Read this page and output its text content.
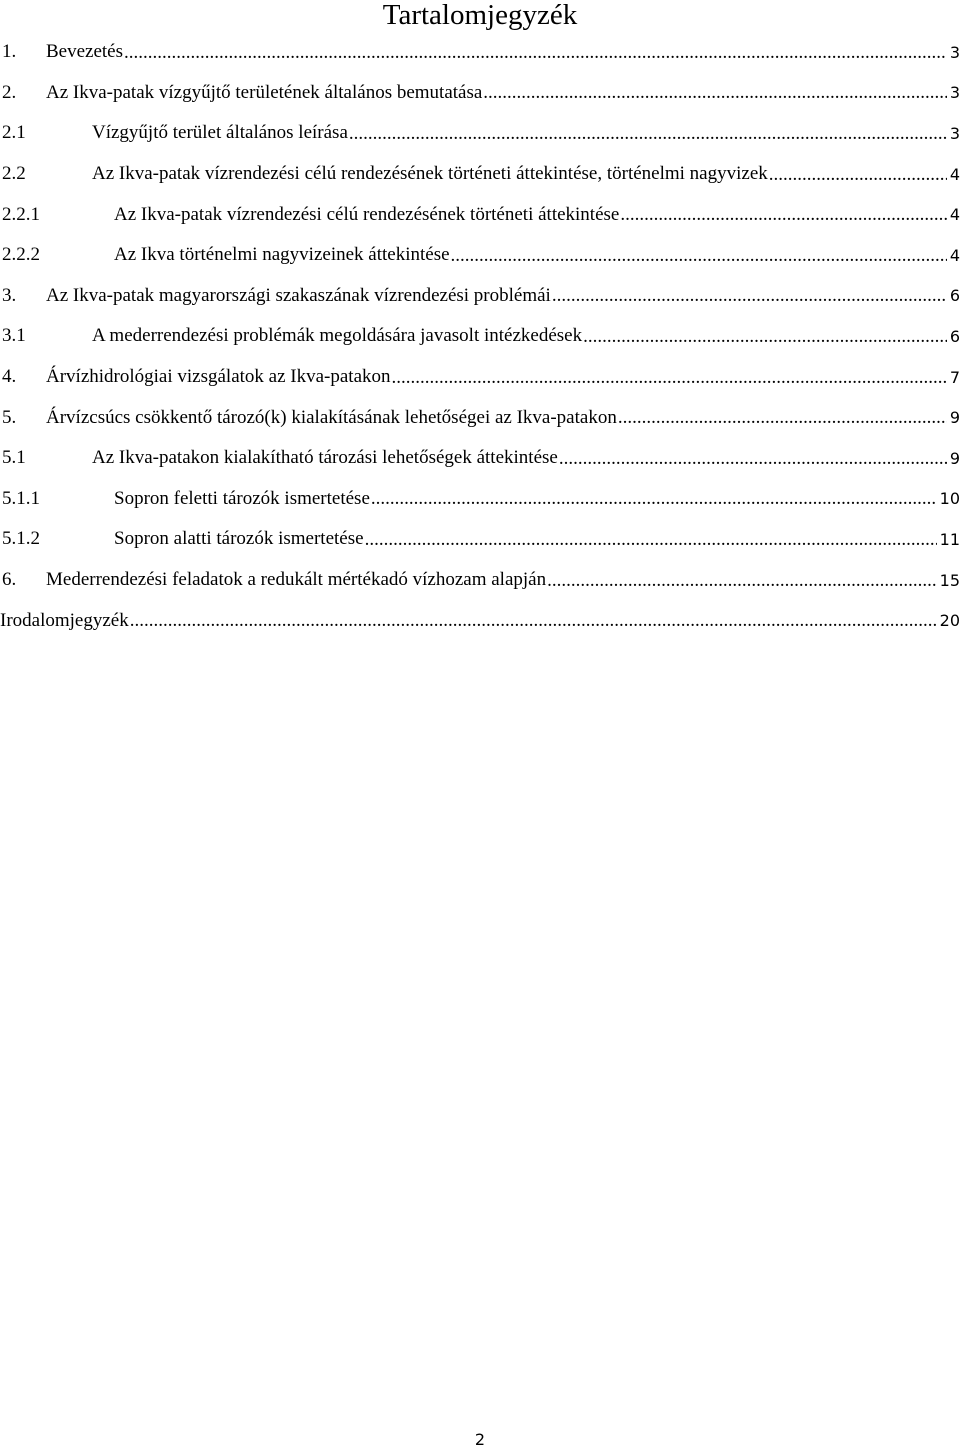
Tartalomjegyzék
1.	Bevezetés .....	3
2.	Az Ikva-patak vízgyűjtő területének általános bemutatása .....	3
2.1	Vízgyűjtő terület általános leírása .....	3
2.2	Az Ikva-patak vízrendezési célú rendezésének történeti áttekintése, történelmi nagyvizek .....	4
2.2.1	Az Ikva-patak vízrendezési célú rendezésének történeti áttekintése .....	4
2.2.2	Az Ikva történelmi nagyvizeinek áttekintése .....	4
3.	Az Ikva-patak magyarországi szakaszának vízrendezési problémái .....	6
3.1	A mederrendezési problémák megoldására javasolt intézkedések .....	6
4.	Árvízhidrológiai vizsgálatok az Ikva-patakon .....	7
5.	Árvízcsúcs csökkentő tározó(k) kialakításának lehetőségei az Ikva-patakon .....	9
5.1	Az Ikva-patakon kialakítható tározási lehetőségek áttekintése .....	9
5.1.1	Sopron feletti tározók ismertetése .....	10
5.1.2	Sopron alatti tározók ismertetése .....	11
6.	Mederrendezési feladatok a redukált mértékadó vízhozam alapján .....	15
Irodalomjegyzék .....	20
2
